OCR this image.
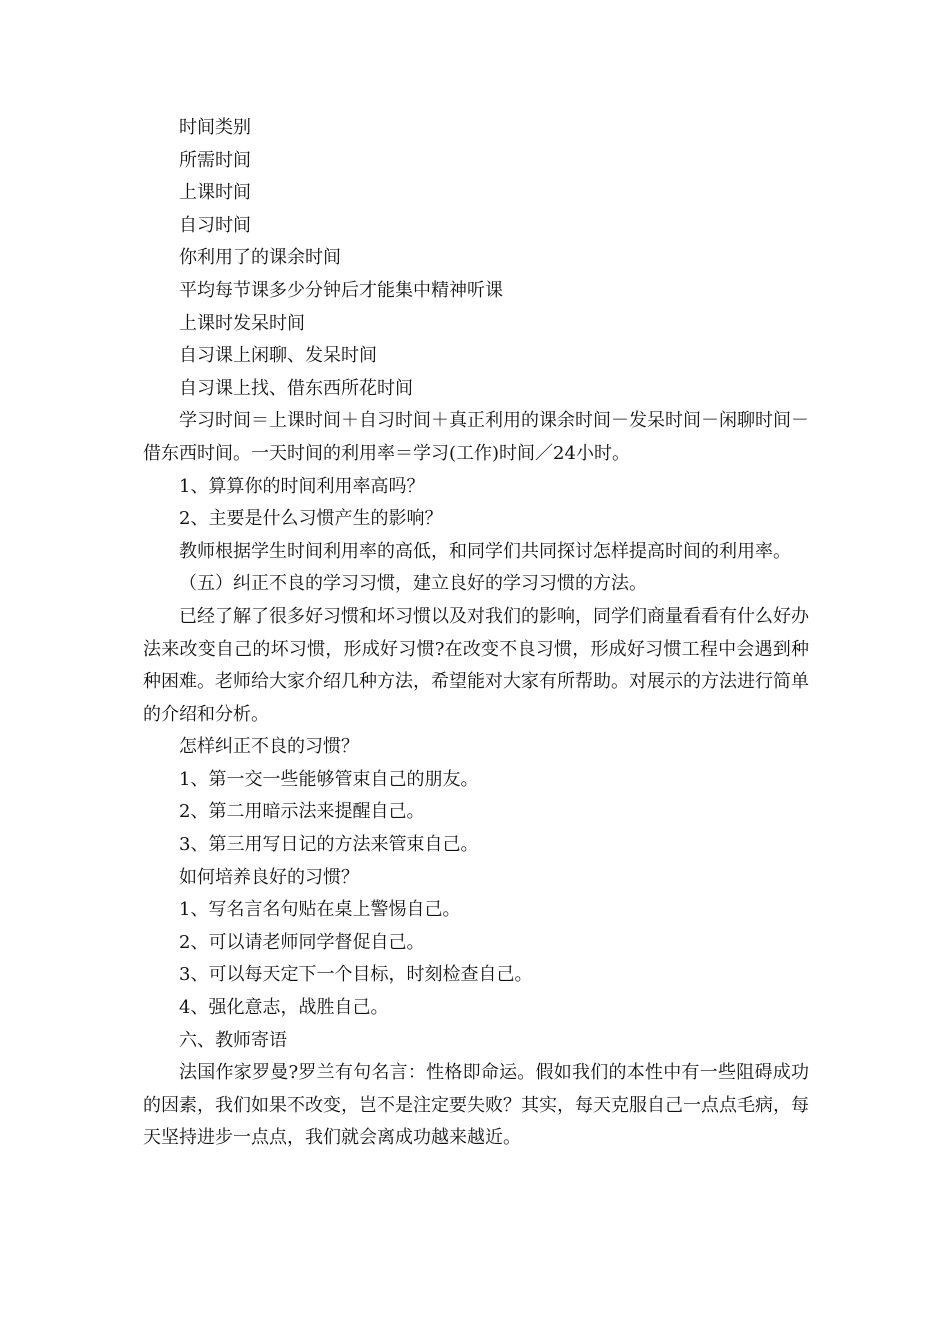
时间类别

所需时间

上课时间

自习时间

你利用了的课余时间

平均每节课多少分钟后才能集中精神听课

上课时发呆时间

自习课上闲聊、发呆时间

自习课上找、借东西所花时间

学习时间＝上课时间＋自习时间＋真正利用的课余时间－发呆时间－闲聊时间－借东西时间。一天时间的利用率＝学习(工作)时间／24小时。

1、算算你的时间利用率高吗？

2、主要是什么习惯产生的影响？

教师根据学生时间利用率的高低，和同学们共同探讨怎样提高时间的利用率。

（五）纠正不良的学习习惯，建立良好的学习习惯的方法。

已经了解了很多好习惯和坏习惯以及对我们的影响，同学们商量看看有什么好办法来改变自己的坏习惯，形成好习惯?在改变不良习惯，形成好习惯工程中会遇到种种困难。老师给大家介绍几种方法，希望能对大家有所帮助。对展示的方法进行简单的介绍和分析。

怎样纠正不良的习惯？

1、第一交一些能够管束自己的朋友。

2、第二用暗示法来提醒自己。

3、第三用写日记的方法来管束自己。

如何培养良好的习惯？

1、写名言名句贴在桌上警惕自己。

2、可以请老师同学督促自己。

3、可以每天定下一个目标，时刻检查自己。

4、强化意志，战胜自己。

六、教师寄语

法国作家罗曼?罗兰有句名言：性格即命运。假如我们的本性中有一些阻碍成功的因素，我们如果不改变，岂不是注定要失败？其实，每天克服自己一点点毛病，每天坚持进步一点点，我们就会离成功越来越近。
